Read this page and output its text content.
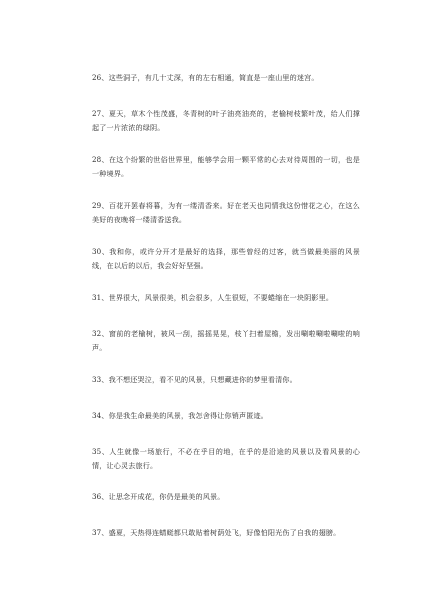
26、这些洞子，有几十丈深，有的左右相通，简直是一座山里的迷宫。

27、夏天，草木个性茂盛，冬青树的叶子油亮油亮的，老榆树枝繁叶茂，给人们撑起了一片浓浓的绿阴。

28、在这个纷繁的世俗世界里，能够学会用一颗平常的心去对待周围的一切，也是一种境界。

29、百花开罢春将暮，为有一缕清香来。好在老天也同情我这份惜花之心，在这么美好的夜晚将一缕清香送我。

30、我和你，或许分开才是最好的选择，那些曾经的过客，就当做最美丽的风景线，在以后的以后，我会好好坚强。

31、世界很大，风景很美，机会很多，人生很短，不要蜷缩在一块阴影里。

32、窗前的老榆树，被风一刮，摇摇晃晃，枝丫扫着屋檐，发出唰啦唰啦唰啦的响声。

33、我不想还哭泣，看不见的风景，只想藏进你的梦里看清你。

34、你是我生命最美的风景，我怎舍得让你销声匿迹。

35、人生就像一场旅行，不必在乎目的地，在乎的是沿途的风景以及看风景的心情，让心灵去旅行。

36、让思念开成花，你仍是最美的风景。

37、盛夏，天热得连蜻蜓都只敢贴着树荫处飞，好像怕阳光伤了自我的翅膀。
